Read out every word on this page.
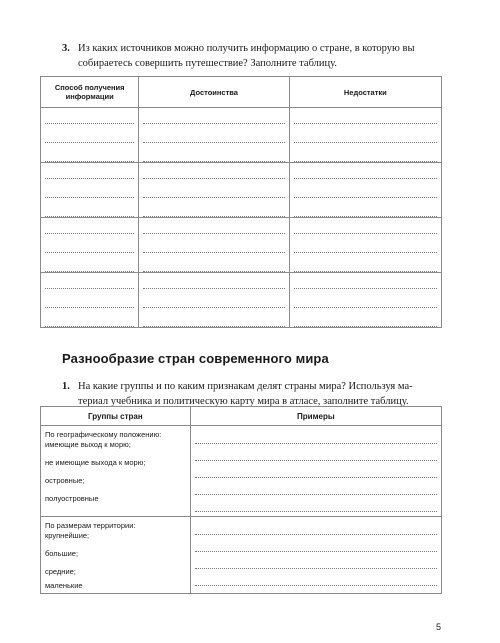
3. Из каких источников можно получить информацию о стране, в которую вы
собираетесь совершить путешествие? Заполните таблицу.
Способ получения информации	Достоинства	Недостатки

Разнообразие стран современного мира
1. На какие группы и по каким признакам делят страны мира? Используя ма-
териал учебника и политическую карту мира в атласе, заполните таблицу.
Группы стран	Примеры

По географическому положению:
имеющие выход к морю;
не имеющие выхода к морю;
островные;
полуостровные	

По размерам территории:
крупнейшие;
большие;
средние;
маленькие	

5
